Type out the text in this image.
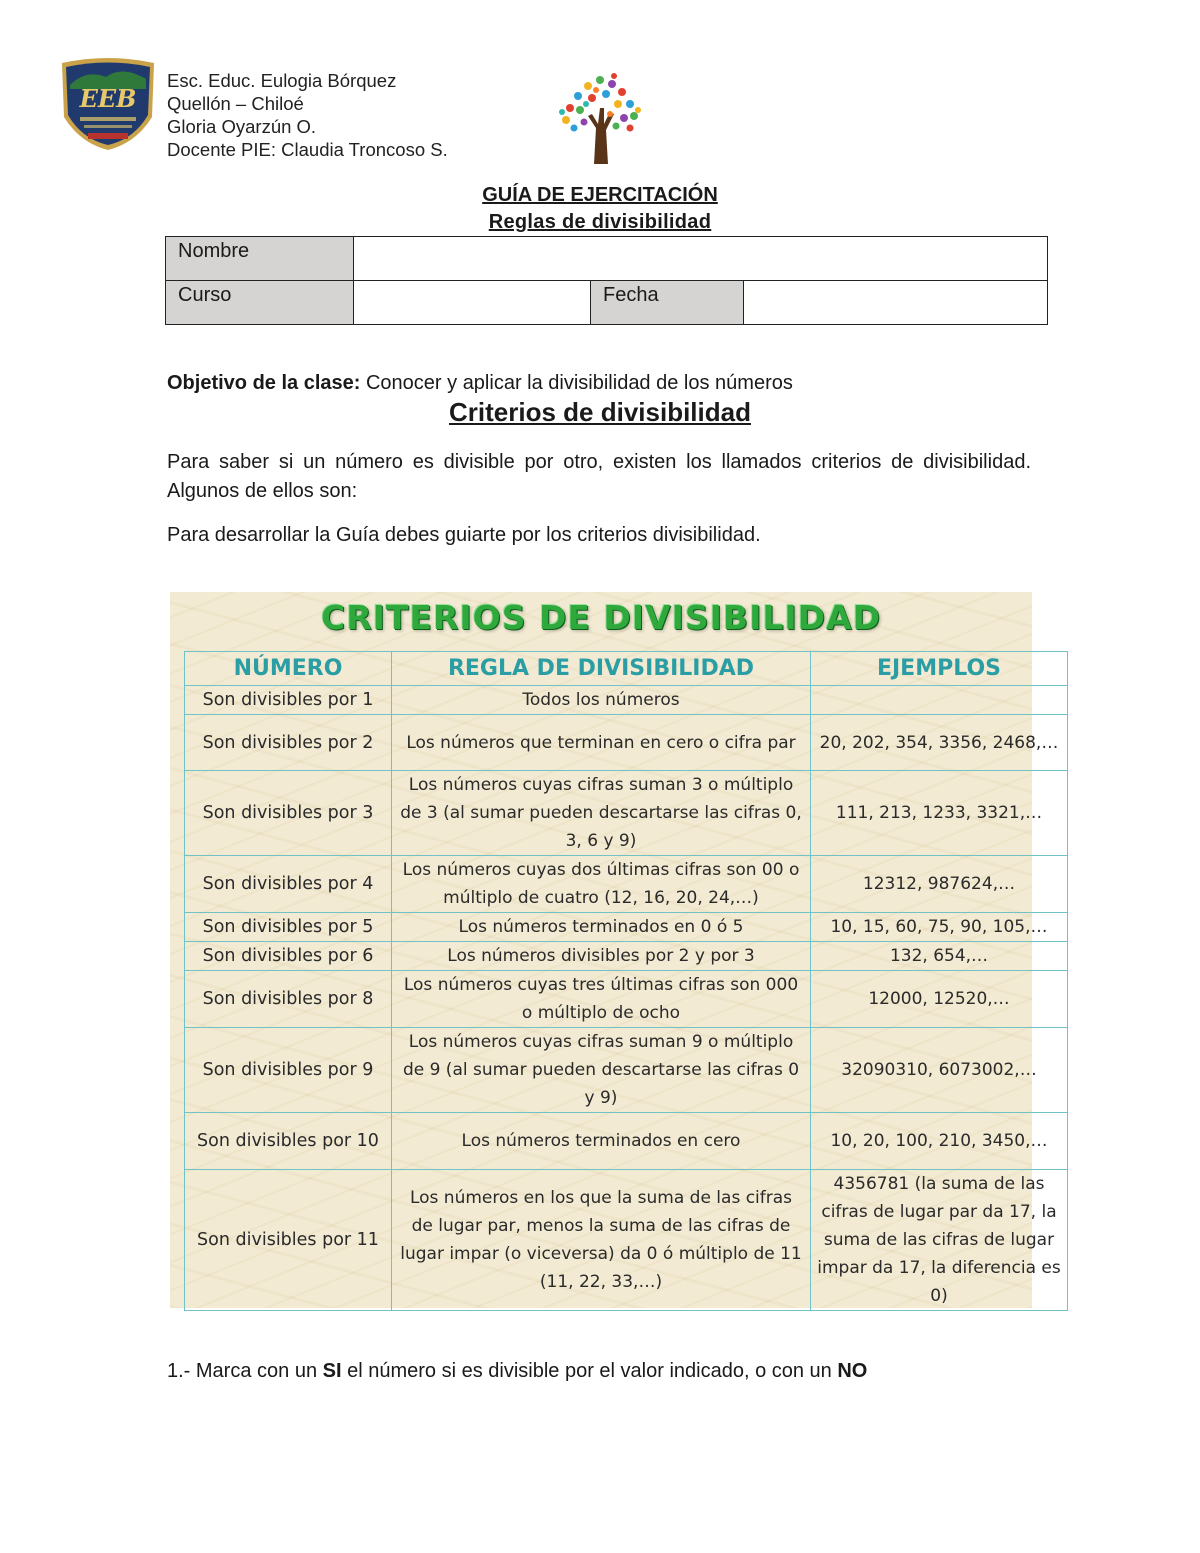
EEB
Esc. Educ. Eulogia Bórquez
Quellón – Chiloé
Gloria Oyarzún O.
Docente PIE: Claudia Troncoso S.
GUÍA DE EJERCITACIÓN
Reglas de divisibilidad
Nombre			
Curso		Fecha	
Objetivo de la clase: Conocer y aplicar la divisibilidad de los números
Criterios de divisibilidad
Para saber si un número es divisible por otro, existen los llamados criterios de divisibilidad. Algunos de ellos son:
Para desarrollar la Guía debes guiarte por los criterios divisibilidad.
CRITERIOS DE DIVISIBILIDAD
NÚMERO	REGLA DE DIVISIBILIDAD	EJEMPLOS
Son divisibles por 1	Todos los números	
Son divisibles por 2	Los números que terminan en cero o cifra par	20, 202, 354, 3356, 2468,…
Son divisibles por 3	Los números cuyas cifras suman 3 o múltiplo de 3 (al sumar pueden descartarse las cifras 0, 3, 6 y 9)	111, 213, 1233, 3321,…
Son divisibles por 4	Los números cuyas dos últimas cifras son 00 o múltiplo de cuatro (12, 16, 20, 24,…)	12312, 987624,…
Son divisibles por 5	Los números terminados en 0 ó 5	10, 15, 60, 75, 90, 105,…
Son divisibles por 6	Los números divisibles por 2 y por 3	132, 654,…
Son divisibles por 8	Los números cuyas tres últimas cifras son 000 o múltiplo de ocho	12000, 12520,…
Son divisibles por 9	Los números cuyas cifras suman 9 o múltiplo de 9 (al sumar pueden descartarse las cifras 0 y 9)	32090310, 6073002,…
Son divisibles por 10	Los números terminados en cero	10, 20, 100, 210, 3450,…
Son divisibles por 11	Los números en los que la suma de las cifras de lugar par, menos la suma de las cifras de lugar impar (o viceversa) da 0 ó múltiplo de 11 (11, 22, 33,…)	4356781 (la suma de las cifras de lugar par da 17, la suma de las cifras de lugar impar da 17, la diferencia es 0)
1.- Marca con un SI el número si es divisible por el valor indicado, o con un NO
